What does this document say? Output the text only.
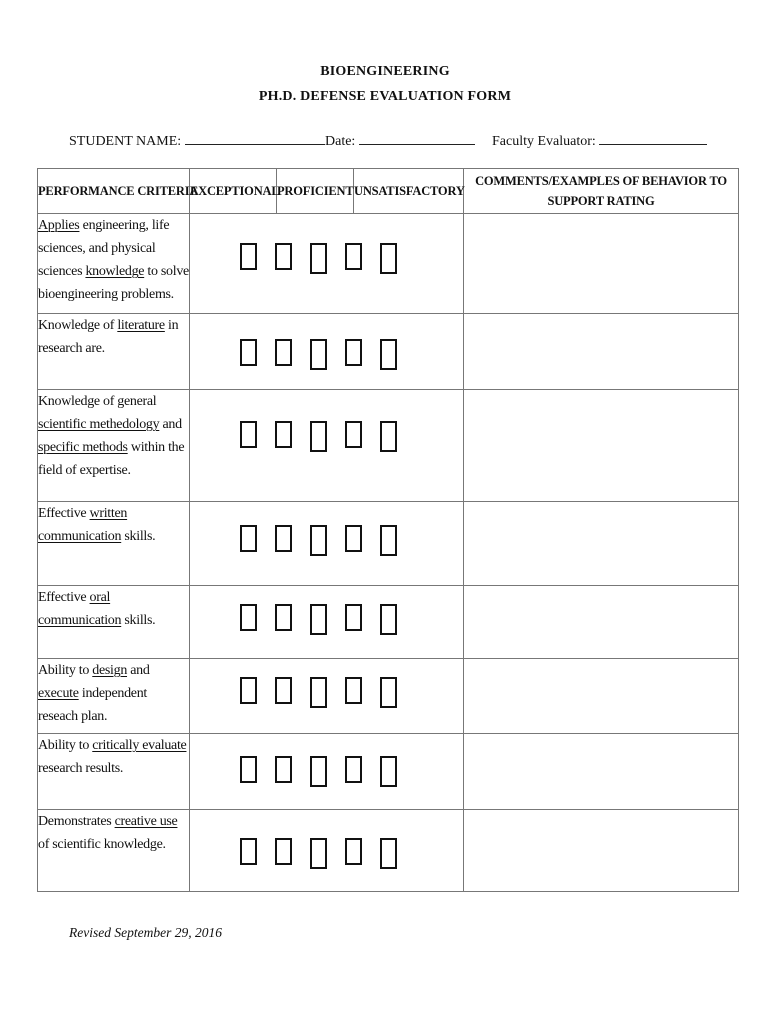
BIOENGINEERING
PH.D. DEFENSE EVALUATION FORM
STUDENT NAME:	Date:	Faculty Evaluator:
PERFORMANCE CRITERIA	EXCEPTIONAL	PROFICIENT	UNSATISFACTORY	COMMENTS/EXAMPLES OF BEHAVIOR TO SUPPORT RATING
Applies engineering, life sciences, and physical sciences knowledge to solve bioengineering problems.			

Knowledge of literature in research are.			

Knowledge of general scientific methedology and specific methods within the field of expertise.			

Effective written communication skills.			

Effective oral communication skills.			

Ability to design and execute independent reseach plan.			

Ability to critically evaluate research results.			

Demonstrates creative use of scientific knowledge.			

Revised September 29, 2016
